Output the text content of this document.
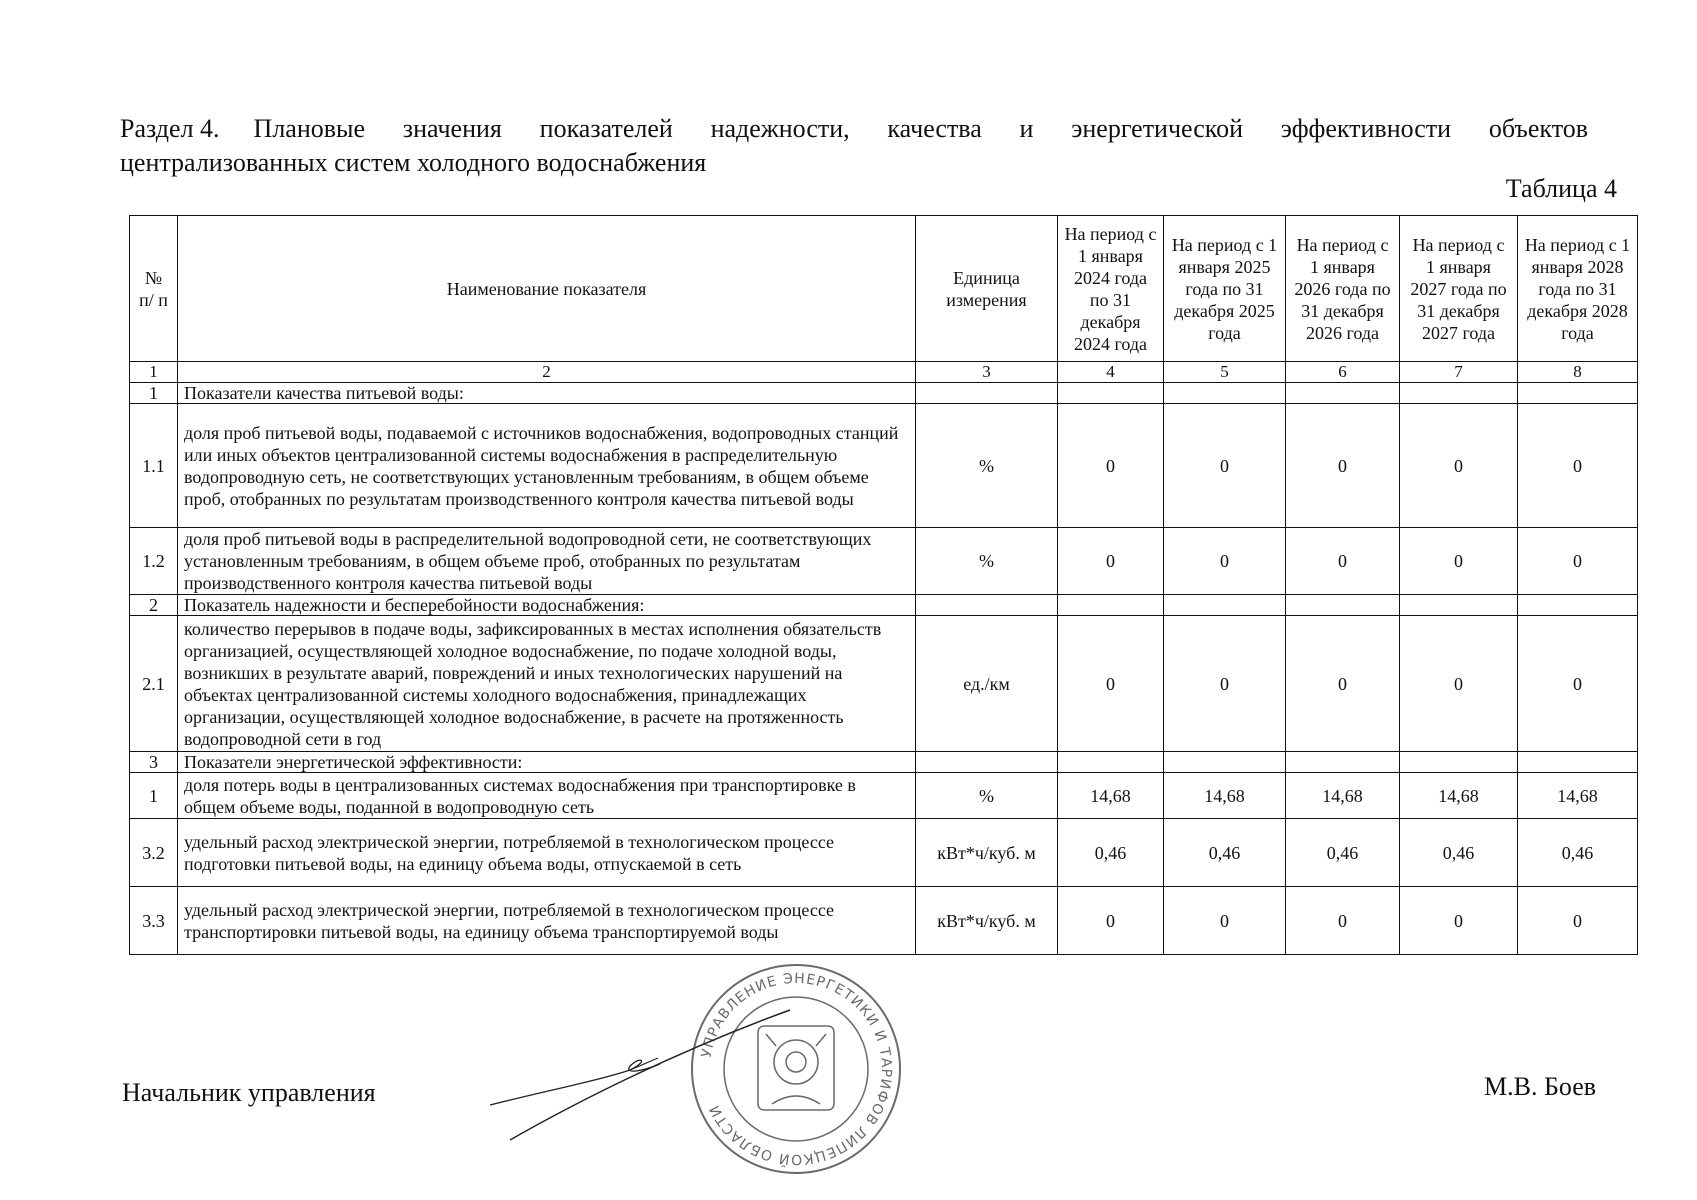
Раздел 4. Плановые значения показателей надежности, качества и энергетической эффективности объектов
централизованных систем холодного водоснабжения
Таблица 4
№ п/ п	Наименование показателя	Единица измерения	На период с 1 января 2024 года по 31 декабря 2024 года	На период с 1 января 2025 года по 31 декабря 2025 года	На период с 1 января 2026 года по 31 декабря 2026 года	На период с 1 января 2027 года по 31 декабря 2027 года	На период с 1 января 2028 года по 31 декабря 2028 года
1	2	3	4	5	6	7	8
1	Показатели качества питьевой воды:						
1.1	доля проб питьевой воды, подаваемой с источников водоснабжения, водопроводных станций или иных объектов централизованной системы водоснабжения в распределительную водопроводную сеть, не соответствующих установленным требованиям, в общем объеме проб, отобранных по результатам производственного контроля качества питьевой воды	%	0	0	0	0	0
1.2	доля проб питьевой воды в распределительной водопроводной сети, не соответствующих установленным требованиям, в общем объеме проб, отобранных по результатам производственного контроля качества питьевой воды	%	0	0	0	0	0
2	Показатель надежности и бесперебойности водоснабжения:						
2.1	количество перерывов в подаче воды, зафиксированных в местах исполнения обязательств организацией, осуществляющей холодное водоснабжение, по подаче холодной воды, возникших в результате аварий, повреждений и иных технологических нарушений на объектах централизованной системы холодного водоснабжения, принадлежащих организации, осуществляющей холодное водоснабжение, в расчете на протяженность водопроводной сети в год	ед./км	0	0	0	0	0
3	Показатели энергетической эффективности:						
1	доля потерь воды в централизованных системах водоснабжения при транспортировке в общем объеме воды, поданной в водопроводную сеть	%	14,68	14,68	14,68	14,68	14,68
3.2	удельный расход электрической энергии, потребляемой в технологическом процессе подготовки питьевой воды, на единицу объема воды, отпускаемой в сеть	кВт*ч/куб. м	0,46	0,46	0,46	0,46	0,46
3.3	удельный расход электрической энергии, потребляемой в технологическом процессе транспортировки питьевой воды, на единицу объема транспортируемой воды	кВт*ч/куб. м	0	0	0	0	0
УПРАВЛЕНИЕ ЭНЕРГЕТИКИ И ТАРИФОВ ЛИПЕЦКОЙ ОБЛАСТИ
Начальник управления	М.В. Боев
